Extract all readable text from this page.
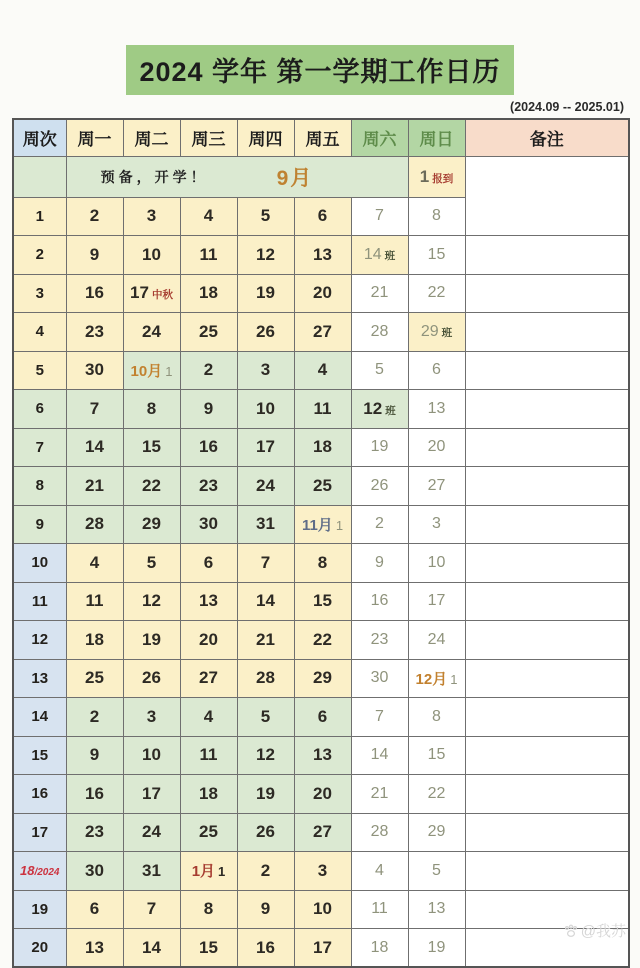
2024 学年 第一学期工作日历
(2024.09 -- 2025.01)
周次	周一	周二	周三	周四	周五	周六	周日	备注

	预备，开学！ 9月						1 报到	
1	2	3	4	5	6	7	8	
2	9	10	11	12	13	14 班	15	
3	16	17 中秋	18	19	20	21	22	
4	23	24	25	26	27	28	29 班	
5	30	10月 1	2	3	4	5	6	
6	7	8	9	10	11	12 班	13	
7	14	15	16	17	18	19	20	
8	21	22	23	24	25	26	27	
9	28	29	30	31	11月 1	2	3	
10	4	5	6	7	8	9	10	
11	11	12	13	14	15	16	17	
12	18	19	20	21	22	23	24	
13	25	26	27	28	29	30	12月 1	
14	2	3	4	5	6	7	8	
15	9	10	11	12	13	14	15	
16	16	17	18	19	20	21	22	
17	23	24	25	26	27	28	29	
18/2024	30	31	1月 1	2	3	4	5	
19	6	7	8	9	10	11	13	
20	13	14	15	16	17	18	19	
@我苏
